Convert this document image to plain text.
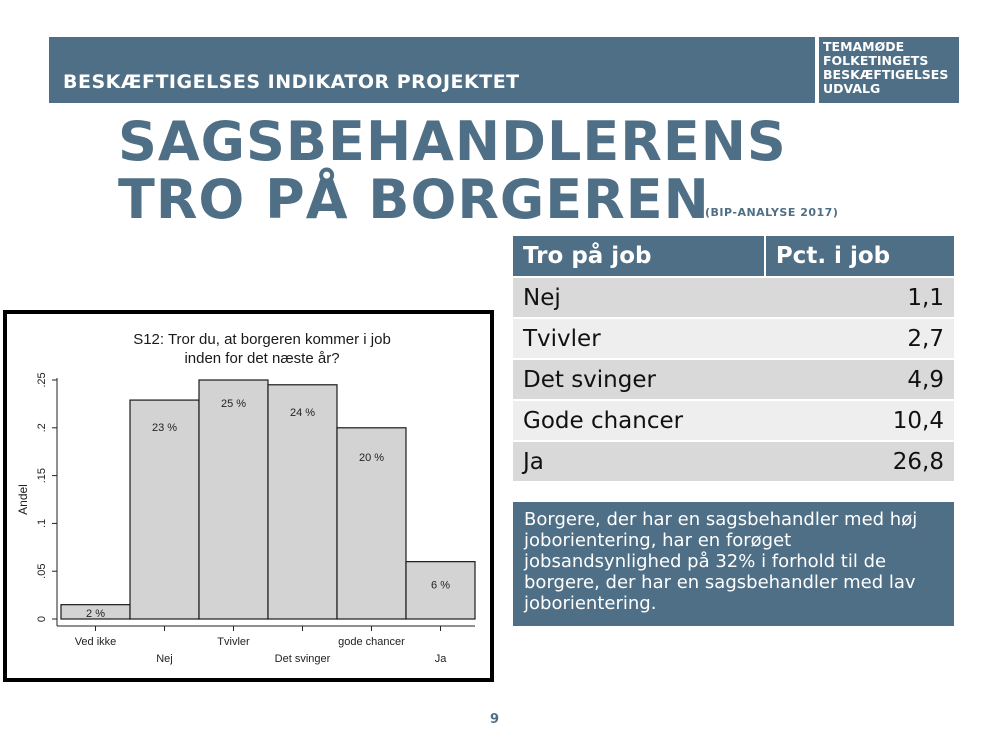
BESKÆFTIGELSES INDIKATOR PROJEKTET
TEMAMØDE
FOLKETINGETS
BESKÆFTIGELSES
UDVALG
SAGSBEHANDLERENS
TRO PÅ BORGEREN
(BIP-ANALYSE 2017)
Tro på job	Pct. i job
Nej	1,1
Tvivler	2,7
Det svinger	4,9
Gode chancer	10,4
Ja	26,8
Borgere, der har en sagsbehandler med høj joborientering, har en forøget jobsandsynlighed på 32% i forhold til de borgere, der har en sagsbehandler med lav joborientering.
S12: Tror du, at borgeren kommer i job
inden for det næste år?
0
.05
.1
.15
.2
.25
Andel
2 %
Ved ikke
23 %
Nej
25 %
Tvivler
24 %
Det svinger
20 %
gode chancer
6 %
Ja
9
